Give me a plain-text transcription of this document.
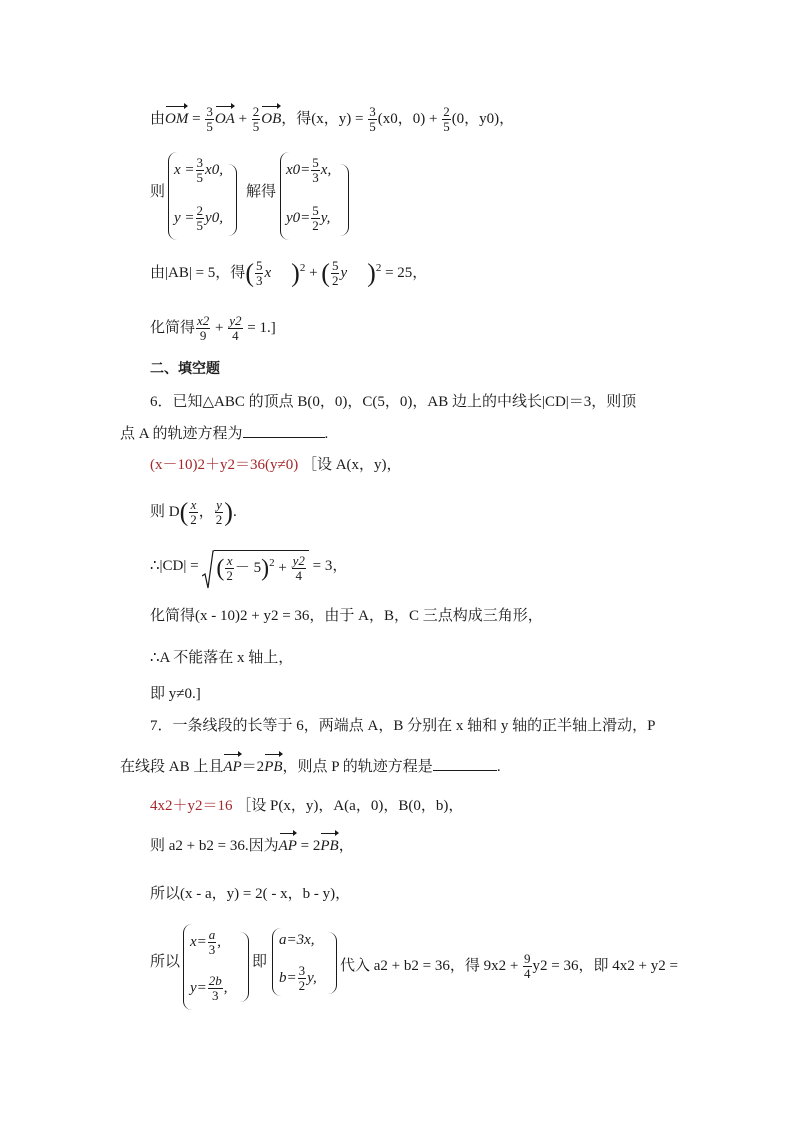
由OM = $\frac{3}{5}$ OA + $\frac{2}{5}$ OB，得(x，$y) = \frac{3}{5} (x0$，$0) + \frac{2}{5} (0$，y0)，
则
$x = \frac{3}{5} x0$,
$y = \frac{2}{5} y0$,
解得
$x0= \frac{5}{3} x$,
$y0= \frac{5}{2} y$,
由|AB| = 5，得( $\frac{5}{3}$ x )$^2$ + ( $\frac{5}{2}$ y )$^2$ = 25，
化简得 $\frac{x2}{9} + \frac{y2}{4} = 1$.]
二、填空题
6．已知△ABC 的顶点 B(0，0)，C(5，0)，AB 边上的中线长|CD|＝3，则顶
点 A 的轨迹方程为	.
(x－10)2＋y2＝36(y≠0) ［设 A(x，y)，
则 $D( \frac{x}{2}$ ， $\frac{y}{2}$ ).
∴|CD| =
( $\frac{x}{2} - 5)^2 + \frac{y2}{4} = 3$，
化简得(x - 10)2 + y2 = 36，由于 A，B，C 三点构成三角形，
∴A 不能落在 x 轴上，
即 y≠0.]
7．一条线段的长等于 6，两端点 A，B 分别在 x 轴和 y 轴的正半轴上滑动，P
在线段 AB 上且AP＝2PB，则点 P 的轨迹方程是	.
4x2＋y2＝16 ［设 P(x，y)，A(a，0)，B(0，b)，
则 a2 + b2 = 36.因为AP = 2PB，
所以(x - a，y) = 2( - x，b - y)，
所以
$x= \frac{a}{3}$ ,
$y= \frac{2b}{3}$ ,
即
a=3x,
$b= \frac{3}{2} y$,
代入 a2 + b2 = 36，得 $9x2 + \frac{9}{4} y2 = 36$，即 4x2 + y2 =
